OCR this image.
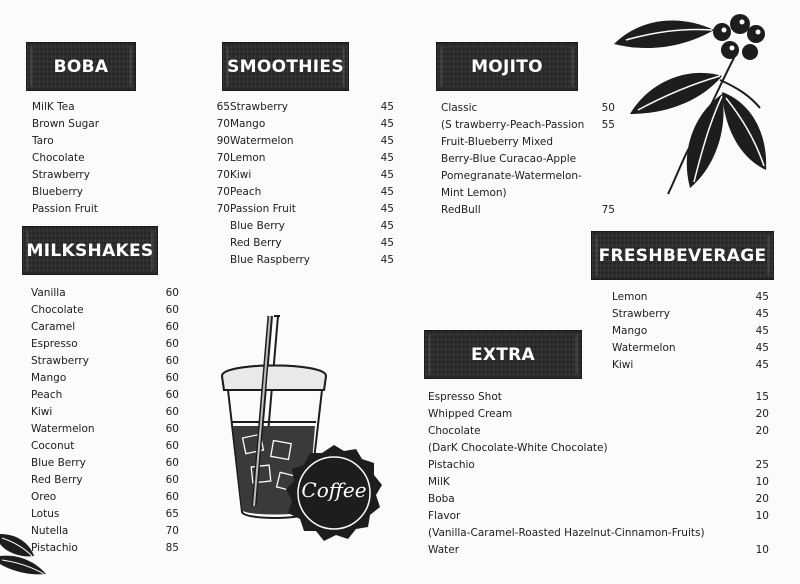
BOBA
MilK Tea	65
Brown Sugar	70
Taro	90
Chocolate	70
Strawberry	70
Blueberry	70
Passion Fruit	70
SMOOTHIES
Strawberry	45
Mango	45
Watermelon	45
Lemon	45
Kiwi	45
Peach	45
Passion Fruit	45
Blue Berry	45
Red Berry	45
Blue Raspberry	45
MOJITO
Classic	50
(S trawberry-Peach-Passion 55
Fruit-Blueberry Mixed
Berry-Blue Curacao-Apple
Pomegranate-Watermelon-
Mint Lemon)
RedBull	75
MILKSHAKES
Vanilla	60
Chocolate	60
Caramel	60
Espresso	60
Strawberry	60
Mango	60
Peach	60
Kiwi	60
Watermelon	60
Coconut	60
Blue Berry	60
Red Berry	60
Oreo	60
Lotus	65
Nutella	70
Pistachio	85
FRESHBEVERAGE
Lemon	45
Strawberry	45
Mango	45
Watermelon	45
Kiwi	45
EXTRA
Espresso Shot	15
Whipped Cream	20
Chocolate	20
(DarK Chocolate-White Chocolate)
Pistachio	25
MilK	10
Boba	20
Flavor	10
(Vanilla-Caramel-Roasted Hazelnut-Cinnamon-Fruits)
Water	10
Coffee
